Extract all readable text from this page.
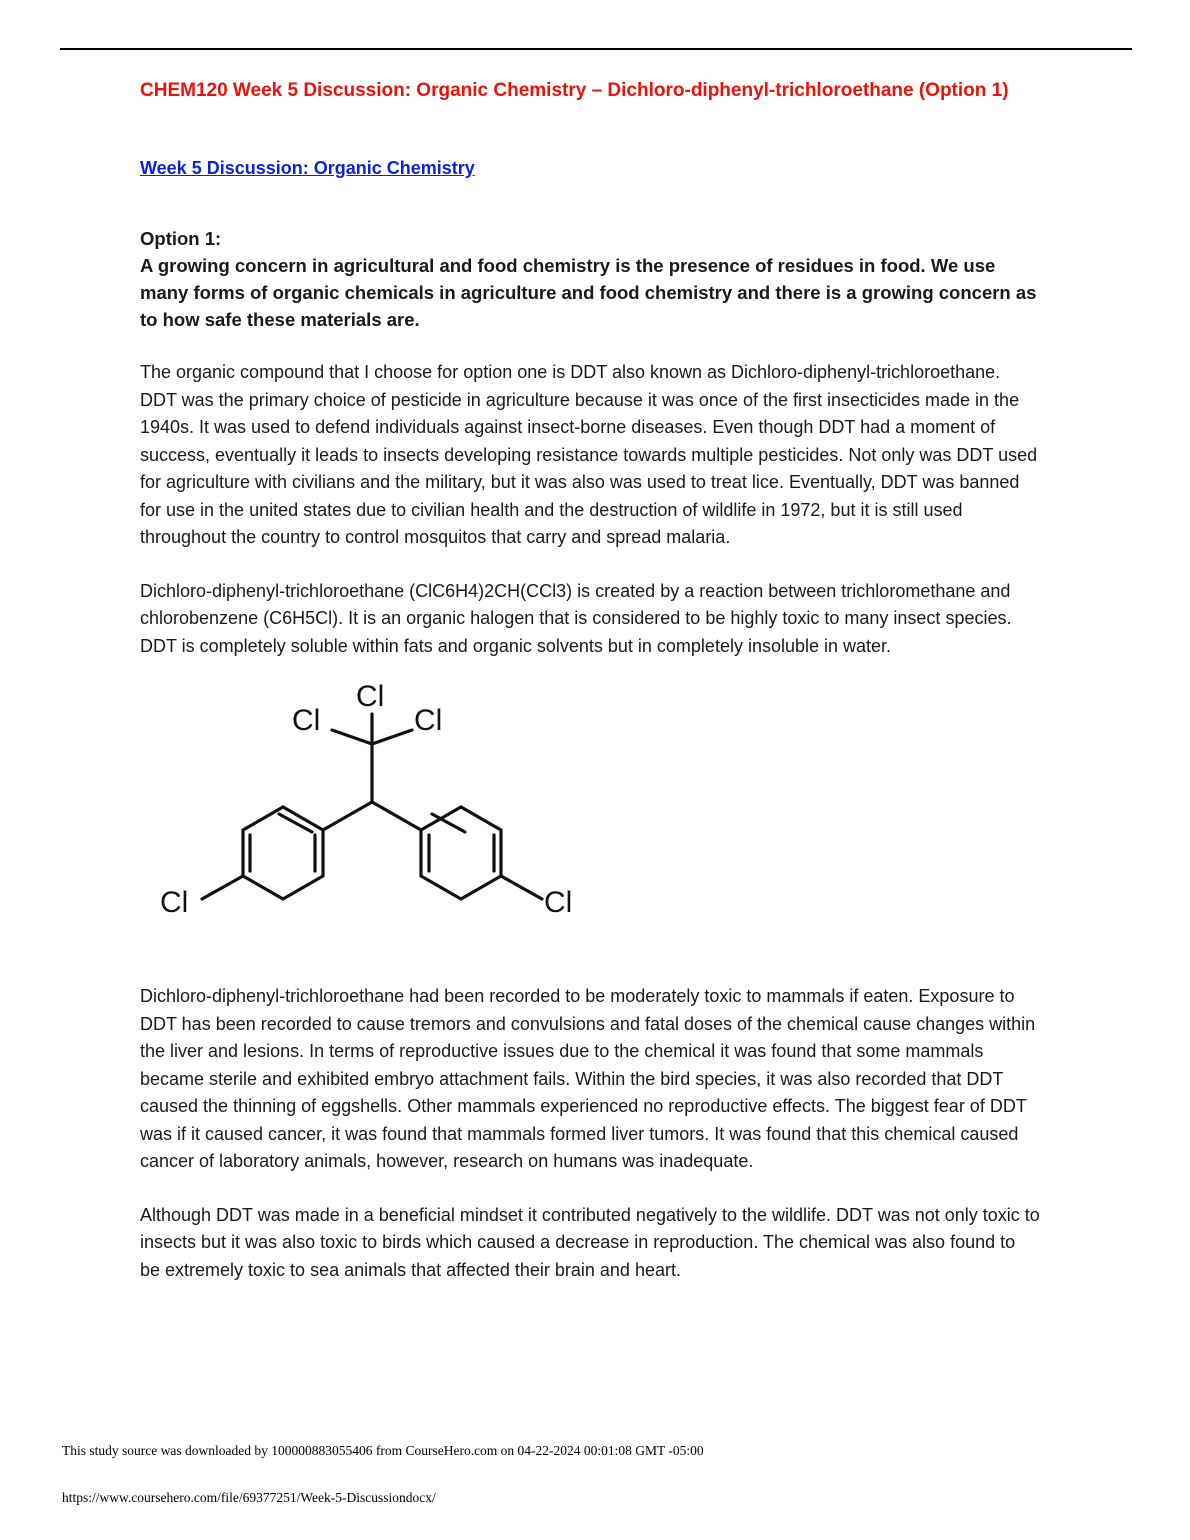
CHEM120 Week 5 Discussion: Organic Chemistry – Dichloro-diphenyl-trichloroethane (Option 1)
Week 5 Discussion: Organic Chemistry
Option 1:
A growing concern in agricultural and food chemistry is the presence of residues in food. We use many forms of organic chemicals in agriculture and food chemistry and there is a growing concern as to how safe these materials are.

The organic compound that I choose for option one is DDT also known as Dichloro-diphenyl-trichloroethane. DDT was the primary choice of pesticide in agriculture because it was once of the first insecticides made in the 1940s. It was used to defend individuals against insect-borne diseases. Even though DDT had a moment of success, eventually it leads to insects developing resistance towards multiple pesticides. Not only was DDT used for agriculture with civilians and the military, but it was also was used to treat lice. Eventually, DDT was banned for use in the united states due to civilian health and the destruction of wildlife in 1972, but it is still used throughout the country to control mosquitos that carry and spread malaria.

Dichloro-diphenyl-trichloroethane (ClC6H4)2CH(CCl3) is created by a reaction between trichloromethane and chlorobenzene (C6H5Cl). It is an organic halogen that is considered to be highly toxic to many insect species. DDT is completely soluble within fats and organic solvents but in completely insoluble in water.

Cl
Cl	Cl
Cl	Cl

Dichloro-diphenyl-trichloroethane had been recorded to be moderately toxic to mammals if eaten. Exposure to DDT has been recorded to cause tremors and convulsions and fatal doses of the chemical cause changes within the liver and lesions. In terms of reproductive issues due to the chemical it was found that some mammals became sterile and exhibited embryo attachment fails. Within the bird species, it was also recorded that DDT caused the thinning of eggshells. Other mammals experienced no reproductive effects. The biggest fear of DDT was if it caused cancer, it was found that mammals formed liver tumors. It was found that this chemical caused cancer of laboratory animals, however, research on humans was inadequate.

Although DDT was made in a beneficial mindset it contributed negatively to the wildlife. DDT was not only toxic to insects but it was also toxic to birds which caused a decrease in reproduction. The chemical was also found to be extremely toxic to sea animals that affected their brain and heart.

This study source was downloaded by 100000883055406 from CourseHero.com on 04-22-2024 00:01:08 GMT -05:00
https://www.coursehero.com/file/69377251/Week-5-Discussiondocx/
